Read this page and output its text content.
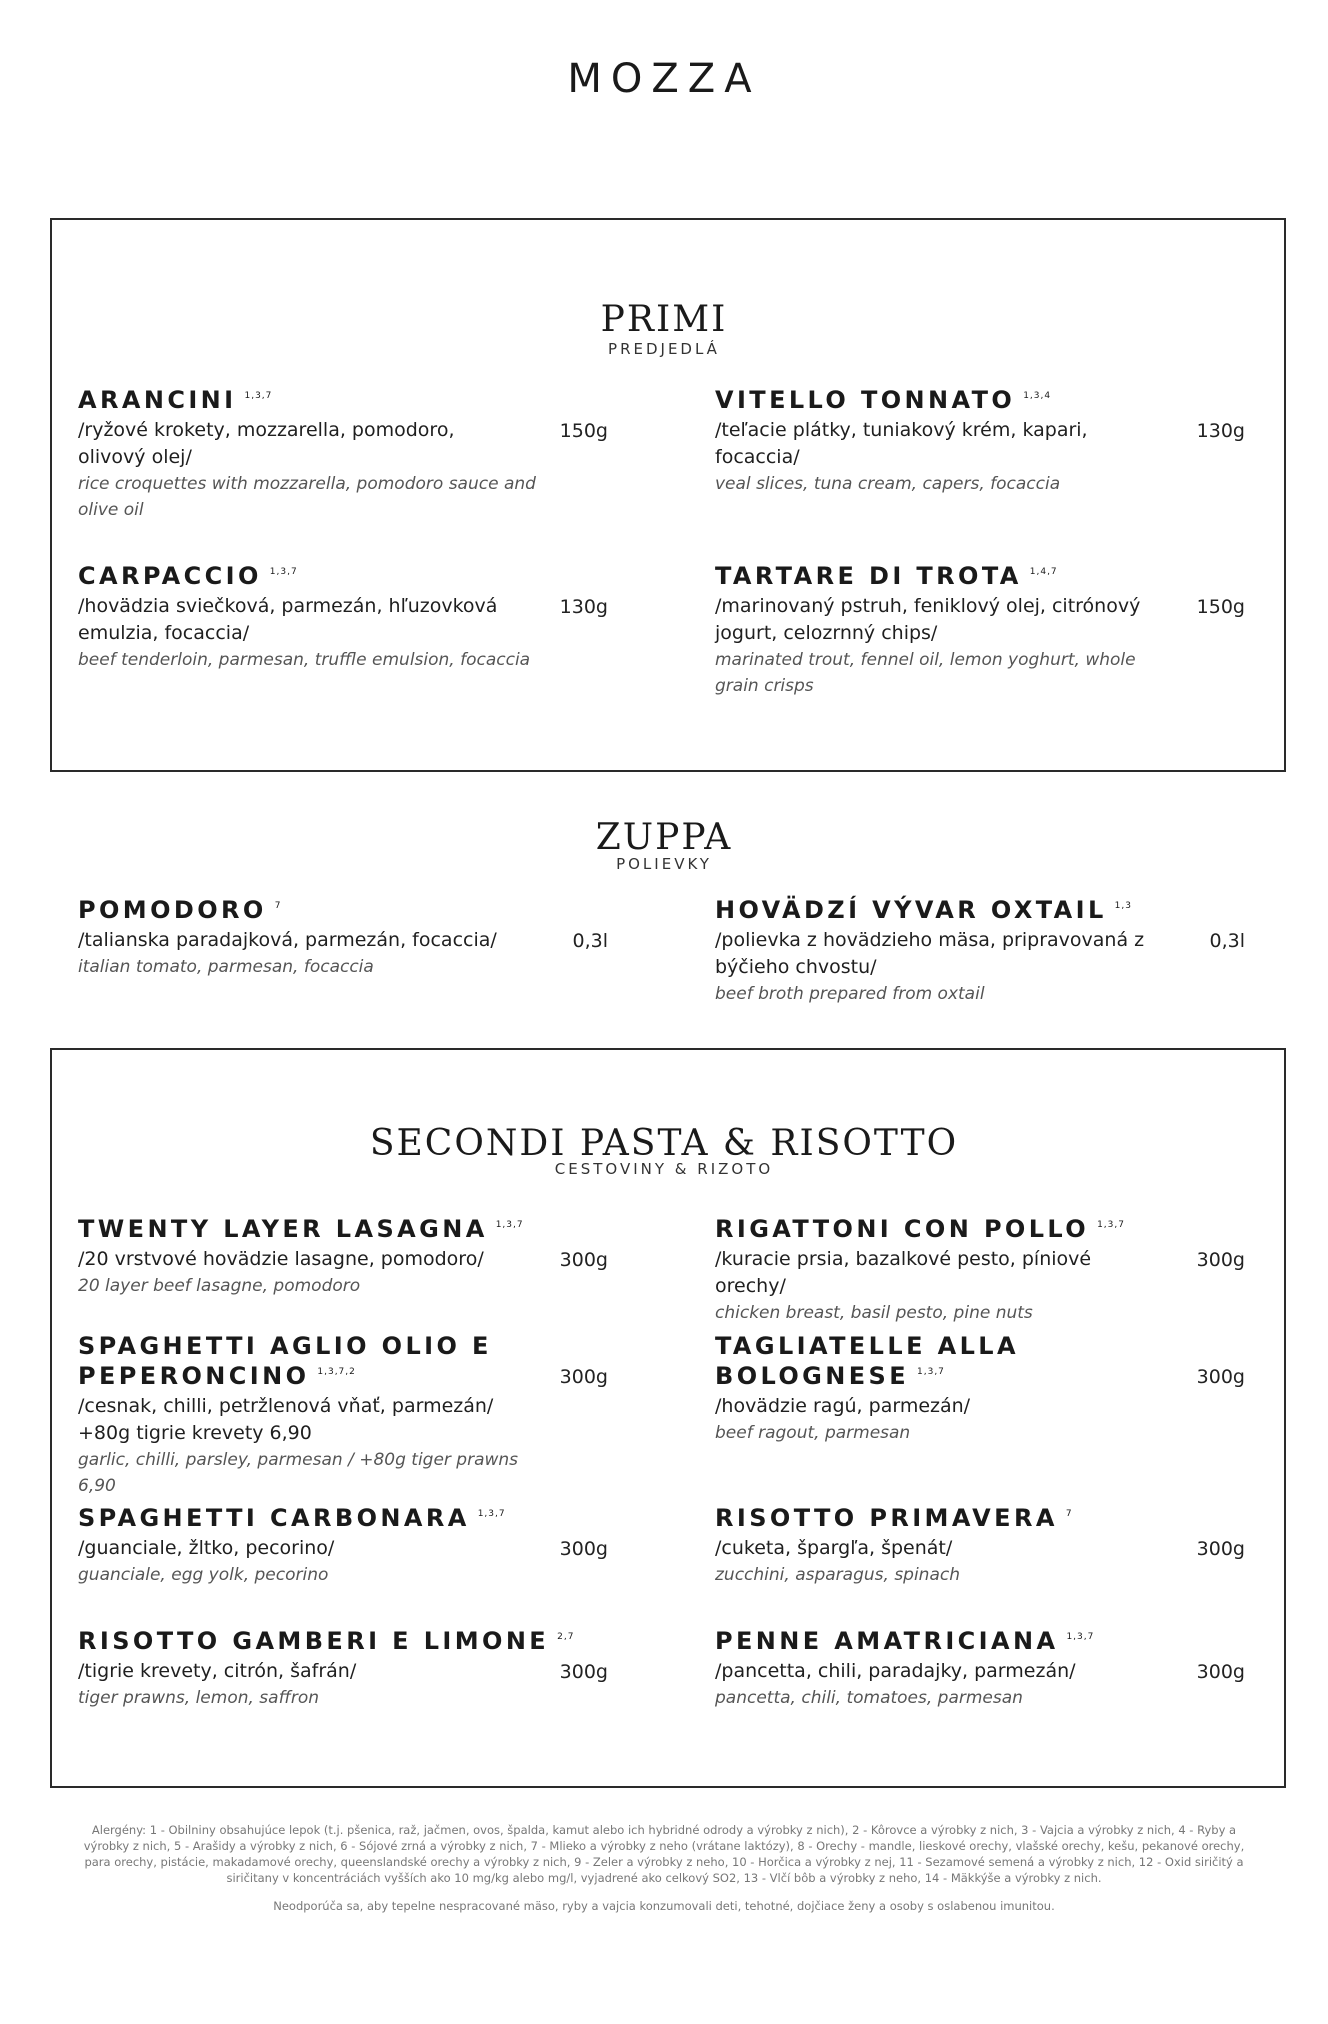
MOZZA
PRIMI
PREDJEDLÁ
ARANCINI $^{1,3,7}$
/ryžové krokety, mozzarella, pomodoro, olivový olej/
rice croquettes with mozzarella, pomodoro sauce and olive oil
150g
VITELLO TONNATO $^{1,3,4}$
/teľacie plátky, tuniakový krém, kapari, focaccia/
veal slices, tuna cream, capers, focaccia
130g
CARPACCIO $^{1,3,7}$
/hovädzia sviečková, parmezán, hľuzovková emulzia, focaccia/
beef tenderloin, parmesan, truffle emulsion, focaccia
130g
TARTARE DI TROTA $^{1,4,7}$
/marinovaný pstruh, feniklový olej, citrónový jogurt, celozrnný chips/
marinated trout, fennel oil, lemon yoghurt, whole grain crisps
150g
ZUPPA
POLIEVKY
POMODORO $^7$
/talianska paradajková, parmezán, focaccia/
italian tomato, parmesan, focaccia
0,3l
HOVÄDZÍ VÝVAR OXTAIL $^{1,3}$
/polievka z hovädzieho mäsa, pripravovaná z býčieho chvostu/
beef broth prepared from oxtail
0,3l
SECONDI PASTA & RISOTTO
CESTOVINY & RIZOTO
TWENTY LAYER LASAGNA $^{1,3,7}$
/20 vrstvové hovädzie lasagne, pomodoro/
20 layer beef lasagne, pomodoro
300g
RIGATTONI CON POLLO $^{1,3,7}$
/kuracie prsia, bazalkové pesto, píniové orechy/
chicken breast, basil pesto, pine nuts
300g
SPAGHETTI AGLIO OLIO E PEPERONCINO $^{1,3,7,2}$
/cesnak, chilli, petržlenová vňať, parmezán/ +80g tigrie krevety 6,90
garlic, chilli, parsley, parmesan / +80g tiger prawns 6,90
300g
TAGLIATELLE ALLA BOLOGNESE $^{1,3,7}$
/hovädzie ragú, parmezán/
beef ragout, parmesan
300g
SPAGHETTI CARBONARA $^{1,3,7}$
/guanciale, žltko, pecorino/
guanciale, egg yolk, pecorino
300g
RISOTTO PRIMAVERA $^7$
/cuketa, špargľa, špenát/
zucchini, asparagus, spinach
300g
RISOTTO GAMBERI E LIMONE $^{2,7}$
/tigrie krevety, citrón, šafrán/
tiger prawns, lemon, saffron
300g
PENNE AMATRICIANA $^{1,3,7}$
/pancetta, chili, paradajky, parmezán/
pancetta, chili, tomatoes, parmesan
300g
Alergény: 1 - Obilniny obsahujúce lepok (t.j. pšenica, raž, jačmen, ovos, špalda, kamut alebo ich hybridné odrody a výrobky z nich), 2 - Kôrovce a výrobky z nich, 3 - Vajcia a výrobky z nich, 4 - Ryby a výrobky z nich, 5 - Arašidy a výrobky z nich, 6 - Sójové zrná a výrobky z nich, 7 - Mlieko a výrobky z neho (vrátane laktózy), 8 - Orechy - mandle, lieskové orechy, vlašské orechy, kešu, pekanové orechy, para orechy, pistácie, makadamové orechy, queenslandské orechy a výrobky z nich, 9 - Zeler a výrobky z neho, 10 - Horčica a výrobky z nej, 11 - Sezamové semená a výrobky z nich, 12 - Oxid siričitý a siričitany v koncentráciách vyšších ako 10 mg/kg alebo mg/l, vyjadrené ako celkový SO2, 13 - Vlčí bôb a výrobky z neho, 14 - Mäkkýše a výrobky z nich.
Neodporúča sa, aby tepelne nespracované mäso, ryby a vajcia konzumovali deti, tehotné, dojčiace ženy a osoby s oslabenou imunitou.
